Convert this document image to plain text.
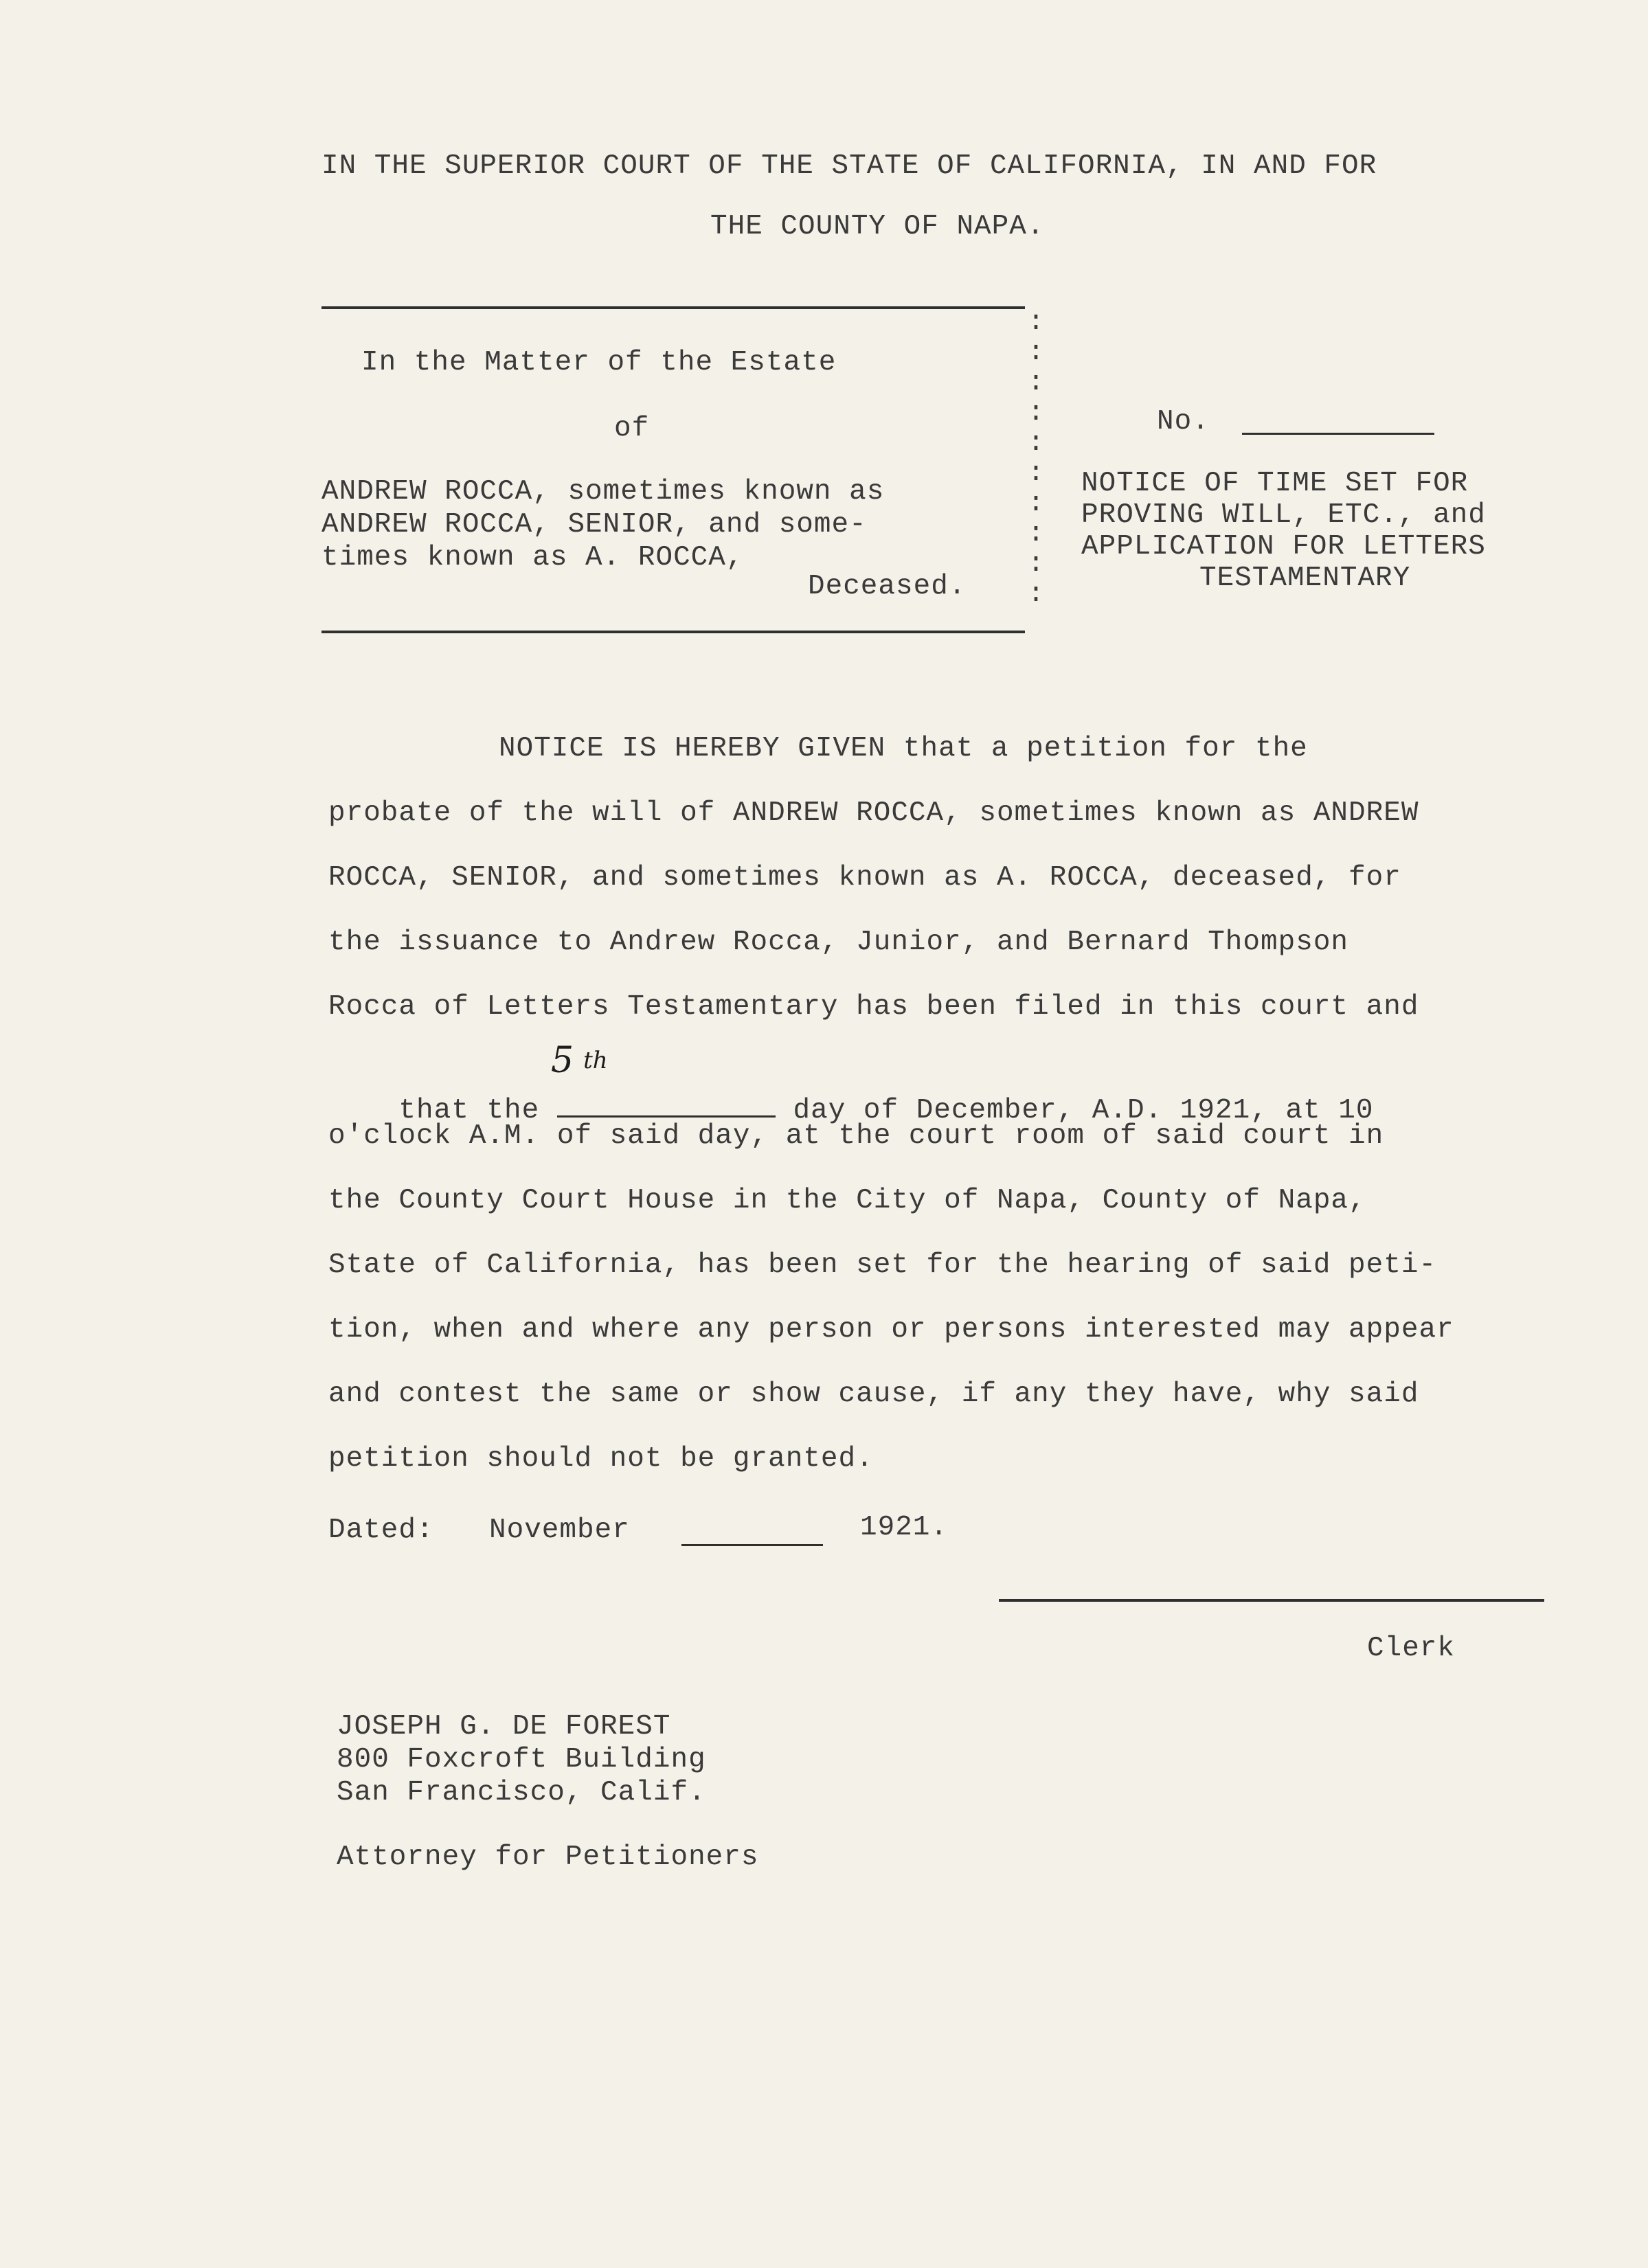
IN THE SUPERIOR COURT OF THE STATE OF CALIFORNIA, IN AND FOR
THE COUNTY OF NAPA.
:
:
:
:
:
:
:
:
:
:
In the Matter of the Estate
of
ANDREW ROCCA, sometimes known as
ANDREW ROCCA, SENIOR, and some-
times known as A. ROCCA,
Deceased.
No.
NOTICE OF TIME SET FOR
PROVING WILL, ETC., and
APPLICATION FOR LETTERS
TESTAMENTARY
NOTICE IS HEREBY GIVEN that a petition for the
probate of the will of ANDREW ROCCA, sometimes known as ANDREW
ROCCA, SENIOR, and sometimes known as A. ROCCA, deceased, for
the issuance to Andrew Rocca, Junior, and Bernard Thompson
Rocca of Letters Testamentary has been filed in this court and

that the	day of December, A.D. 1921, at 10

5 $^{th}$
o'clock A.M. of said day, at the court room of said court in
the County Court House in the City of Napa, County of Napa,
State of California, has been set for the hearing of said peti-
tion, when and where any person or persons interested may appear
and contest the same or show cause, if any they have, why said
petition should not be granted.
Dated: November	1921.
Clerk
JOSEPH G. DE FOREST
800 Foxcroft Building
San Francisco, Calif.
Attorney for Petitioners
